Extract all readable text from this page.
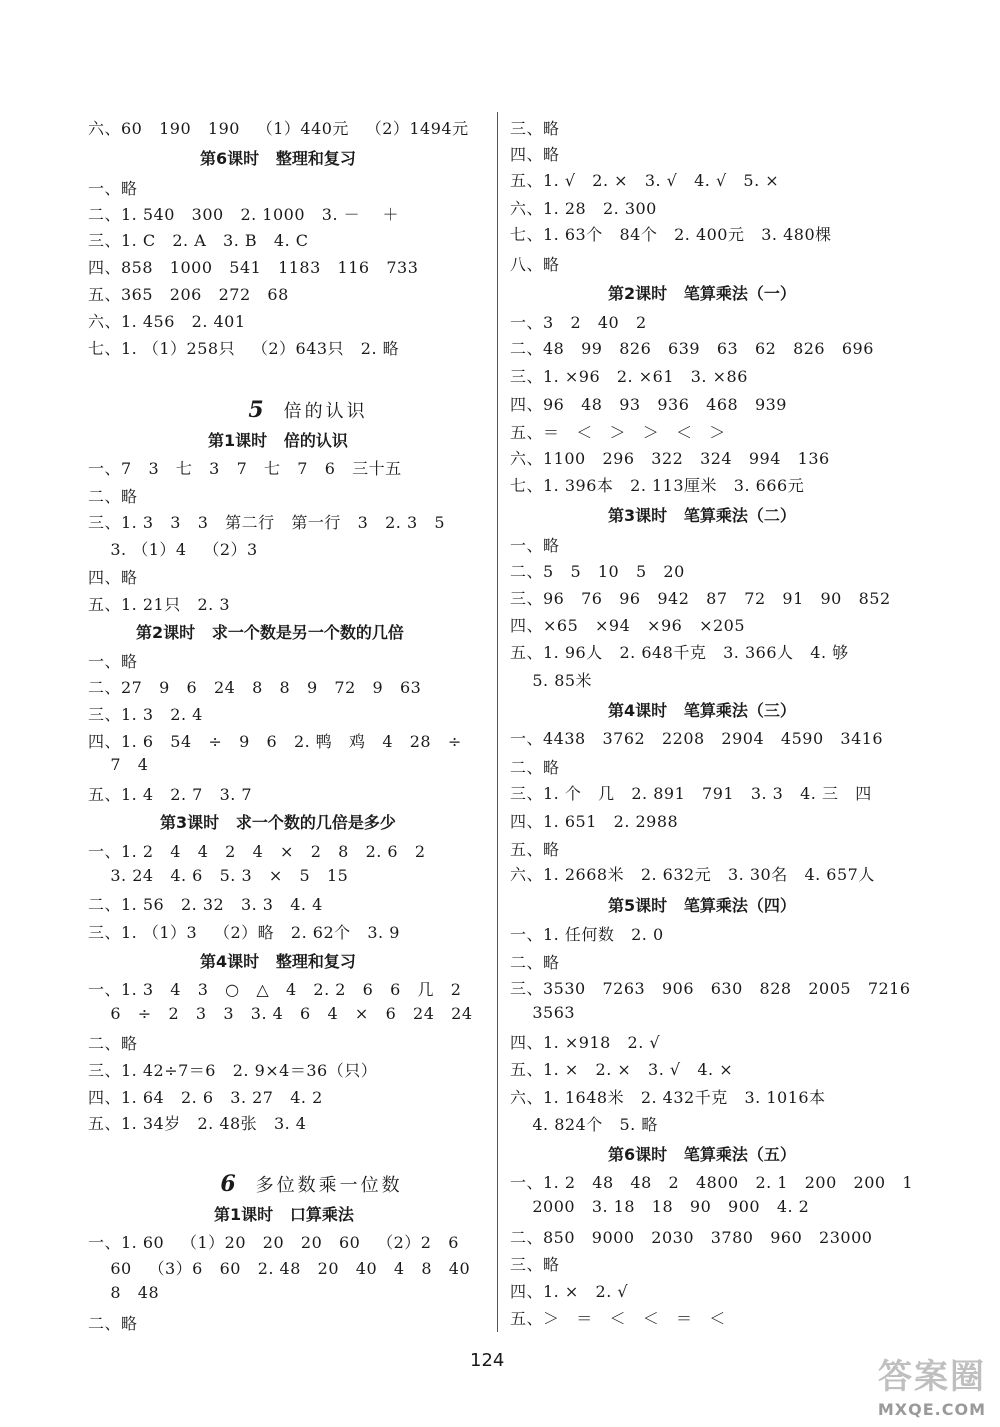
六、60   190   190   （1）440元   （2）1494元
第6课时   整理和复习
一、略
二、1. 540   300   2. 1000   3. －    ＋
三、1. C   2. A   3. B   4. C
四、858   1000   541   1183   116   733
五、365   206   272   68
六、1. 456   2. 401
七、1. （1）258只   （2）643只   2. 略

5 倍的认识

第1课时   倍的认识
一、7   3   七   3   7   七   7   6   三十五
二、略
三、1. 3   3   3   第二行   第一行   3   2. 3   5
3. （1）4   （2）3
四、略
五、1. 21只   2. 3
第2课时   求一个数是另一个数的几倍
一、略
二、27   9   6   24   8   8   9   72   9   63
三、1. 3   2. 4
四、1. 6   54   ÷   9   6   2. 鸭   鸡   4   28   ÷
7   4
五、1. 4   2. 7   3. 7
第3课时   求一个数的几倍是多少
一、1. 2   4   4   2   4   ×   2   8   2. 6   2
3. 24   4. 6   5. 3   ×   5   15
二、1. 56   2. 32   3. 3   4. 4
三、1. （1）3   （2）略   2. 62个   3. 9
第4课时   整理和复习
一、1. 3   4   3   ○   △   4   2. 2   6   6   几   2
6   ÷   2   3   3   3. 4   6   4   ×   6   24   24
二、略
三、1. 42÷7＝6   2. 9×4＝36（只）
四、1. 64   2. 6   3. 27   4. 2
五、1. 34岁   2. 48张   3. 4

6 多位数乘一位数

第1课时   口算乘法
一、1. 60   （1）20   20   20   60   （2）2   6
60   （3）6   60   2. 48   20   40   4   8   40
8   48
二、略
三、略
四、略
五、1. √   2. ×   3. √   4. √   5. ×
六、1. 28   2. 300
七、1. 63个   84个   2. 400元   3. 480棵
八、略
第2课时   笔算乘法（一）
一、3   2   40   2
二、48   99   826   639   63   62   826   696
三、1. ×96   2. ×61   3. ×86
四、96   48   93   936   468   939
五、＝   ＜   ＞   ＞   ＜   ＞
六、1100   296   322   324   994   136
七、1. 396本   2. 113厘米   3. 666元
第3课时   笔算乘法（二）
一、略
二、5   5   10   5   20
三、96   76   96   942   87   72   91   90   852
四、×65   ×94   ×96   ×205
五、1. 96人   2. 648千克   3. 366人   4. 够
5. 85米
第4课时   笔算乘法（三）
一、4438   3762   2208   2904   4590   3416
二、略
三、1. 个   几   2. 891   791   3. 3   4. 三   四
四、1. 651   2. 2988
五、略
六、1. 2668米   2. 632元   3. 30名   4. 657人
第5课时   笔算乘法（四）
一、1. 任何数   2. 0
二、略
三、3530   7263   906   630   828   2005   7216
3563
四、1. ×918   2. √
五、1. ×   2. ×   3. √   4. ×
六、1. 1648米   2. 432千克   3. 1016本
4. 824个   5. 略
第6课时   笔算乘法（五）
一、1. 2   48   48   2   4800   2. 1   200   200   1
2000   3. 18   18   90   900   4. 2
二、850   9000   2030   3780   960   23000
三、略
四、1. ×   2. √
五、＞   ＝   ＜   ＜   ＝   ＜
124	答案圈
MXQE.COM
